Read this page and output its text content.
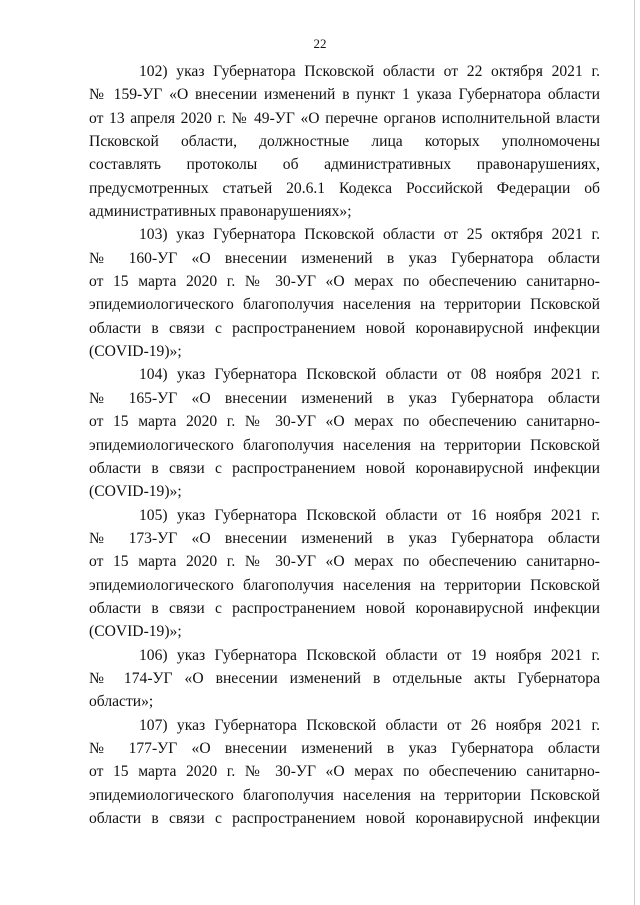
22
102) указ Губернатора Псковской области от 22 октября 2021 г.
№ 159-УГ «О внесении изменений в пункт 1 указа Губернатора области
от 13 апреля 2020 г. № 49-УГ «О перечне органов исполнительной власти
Псковской области, должностные лица которых уполномочены
составлять протоколы об административных правонарушениях,
предусмотренных статьей 20.6.1 Кодекса Российской Федерации об
административных правонарушениях»;
103) указ Губернатора Псковской области от 25 октября 2021 г.
№ 160-УГ «О внесении изменений в указ Губернатора области
от 15 марта 2020 г. № 30-УГ «О мерах по обеспечению санитарно-
эпидемиологического благополучия населения на территории Псковской
области в связи с распространением новой коронавирусной инфекции
(COVID-19)»;
104) указ Губернатора Псковской области от 08 ноября 2021 г.
№ 165-УГ «О внесении изменений в указ Губернатора области
от 15 марта 2020 г. № 30-УГ «О мерах по обеспечению санитарно-
эпидемиологического благополучия населения на территории Псковской
области в связи с распространением новой коронавирусной инфекции
(COVID-19)»;
105) указ Губернатора Псковской области от 16 ноября 2021 г.
№ 173-УГ «О внесении изменений в указ Губернатора области
от 15 марта 2020 г. № 30-УГ «О мерах по обеспечению санитарно-
эпидемиологического благополучия населения на территории Псковской
области в связи с распространением новой коронавирусной инфекции
(COVID-19)»;
106) указ Губернатора Псковской области от 19 ноября 2021 г.
№ 174-УГ «О внесении изменений в отдельные акты Губернатора
области»;
107) указ Губернатора Псковской области от 26 ноября 2021 г.
№ 177-УГ «О внесении изменений в указ Губернатора области
от 15 марта 2020 г. № 30-УГ «О мерах по обеспечению санитарно-
эпидемиологического благополучия населения на территории Псковской
области в связи с распространением новой коронавирусной инфекции
